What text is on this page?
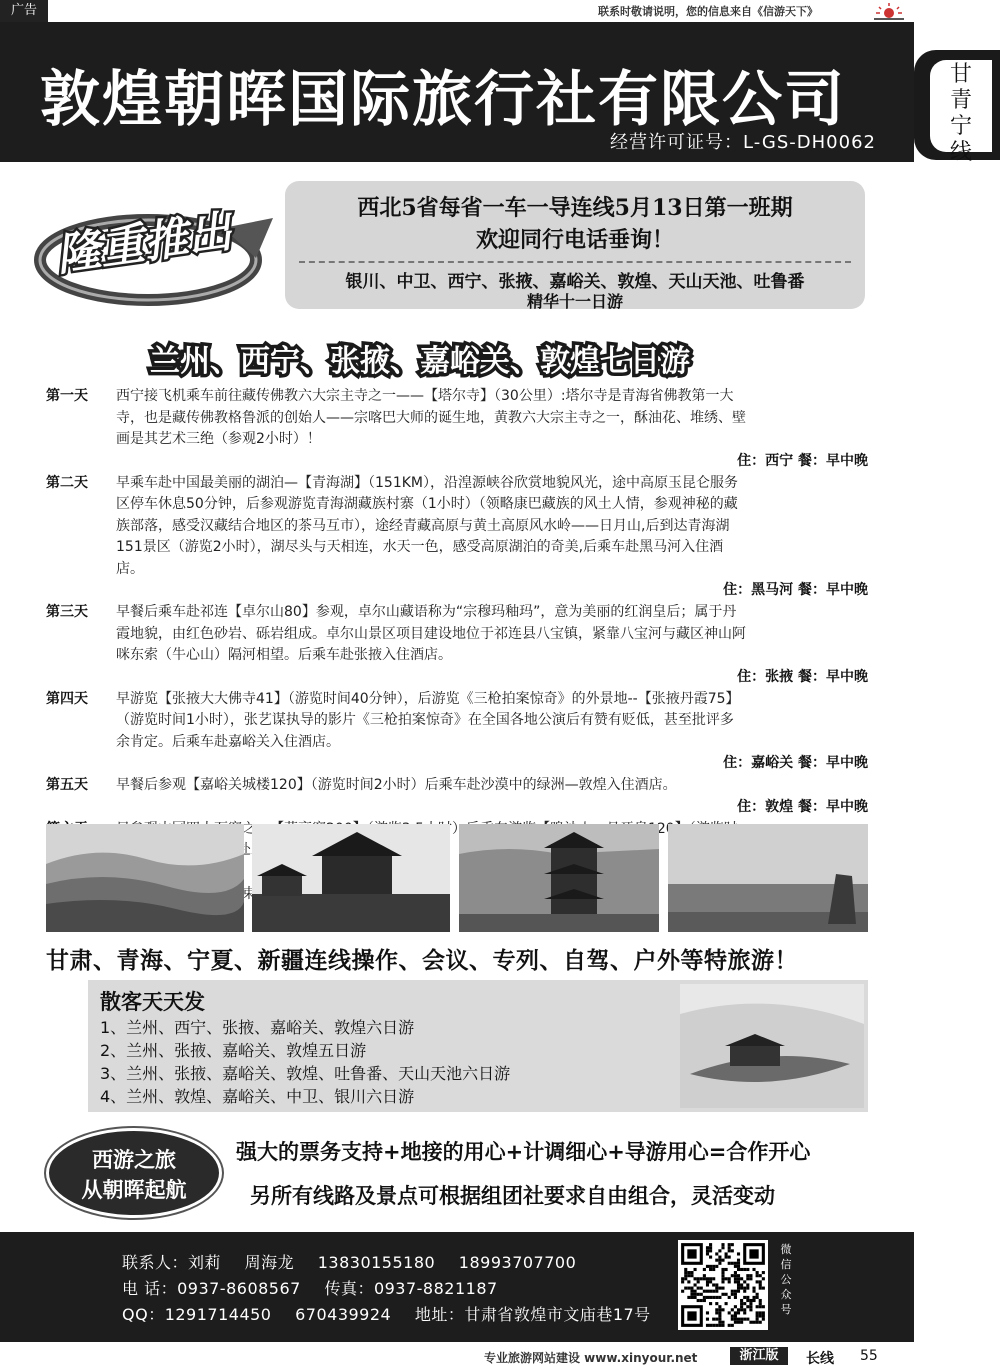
广告	联系时敬请说明，您的信息来自《信游天下》
敦煌朝晖国际旅行社有限公司
经营许可证号：L-GS-DH0062
甘
青
宁
线
隆重推出	西北5省每省一车一导连线5月13日第一班期
欢迎同行电话垂询！
银川、中卫、西宁、张掖、嘉峪关、敦煌、天山天池、吐鲁番
精华十一日游
兰州、西宁、张掖、嘉峪关、敦煌七日游
第一天	西宁接飞机乘车前往藏传佛教六大宗主寺之一——【塔尔寺】（30公里）:塔尔寺是青海省佛教第一大
寺，也是藏传佛教格鲁派的创始人——宗喀巴大师的诞生地，黄教六大宗主寺之一，酥油花、堆绣、壁
画是其艺术三绝（参观2小时）！
住：西宁 餐：早中晚
第二天	早乘车赴中国最美丽的湖泊—【青海湖】（151KM），沿湟源峡谷欣赏地貌风光，途中高原玉昆仑服务
区停车休息50分钟，后参观游览青海湖藏族村寨（1小时）（领略康巴藏族的风土人情，参观神秘的藏
族部落，感受汉藏结合地区的茶马互市），途经青藏高原与黄土高原风水岭——日月山,后到达青海湖
151景区（游览2小时），湖尽头与天相连，水天一色，感受高原湖泊的奇美,后乘车赴黑马河入住酒
店。
住：黑马河 餐：早中晚
第三天	早餐后乘车赴祁连【卓尔山80】参观，卓尔山藏语称为“宗穆玛釉玛”，意为美丽的红润皇后；属于丹
霞地貌，由红色砂岩、砾岩组成。卓尔山景区项目建设地位于祁连县八宝镇，紧靠八宝河与藏区神山阿
咪东索（牛心山）隔河相望。后乘车赴张掖入住酒店。
住：张掖 餐：早中晚
第四天	早游览【张掖大大佛寺41】（游览时间40分钟），后游览《三枪拍案惊奇》的外景地--【张掖丹霞75】
（游览时间1小时），张艺谋执导的影片《三枪拍案惊奇》在全国各地公演后有赞有贬低，甚至批评多
余肯定。后乘车赴嘉峪关入住酒店。
住：嘉峪关 餐：早中晚
第五天	早餐后参观【嘉峪关城楼120】（游览时间2小时）后乘车赴沙漠中的绿洲—敦煌入住酒店。
住：敦煌 餐：早中晚
甘肃、青海、宁夏、新疆连线操作、会议、专列、自驾、户外等特旅游！
散客天天发
1、兰州、西宁、张掖、嘉峪关、敦煌六日游
2、兰州、张掖、嘉峪关、敦煌五日游
3、兰州、张掖、嘉峪关、敦煌、吐鲁番、天山天池六日游
4、兰州、敦煌、嘉峪关、中卫、银川六日游
西游之旅
从朝晖起航
强大的票务支持+地接的用心+计调细心+导游用心=合作开心
另所有线路及景点可根据组团社要求自由组合，灵活变动
联系人：刘莉 周海龙 13830155180 18993707700
电 话：0937-8608567 传真：0937-8821187
QQ：1291714450 670439924 地址：甘肃省敦煌市文庙巷17号
微
信
公
众
号
专业旅游网站建设 www.xinyour.net	浙江版	长线 55
